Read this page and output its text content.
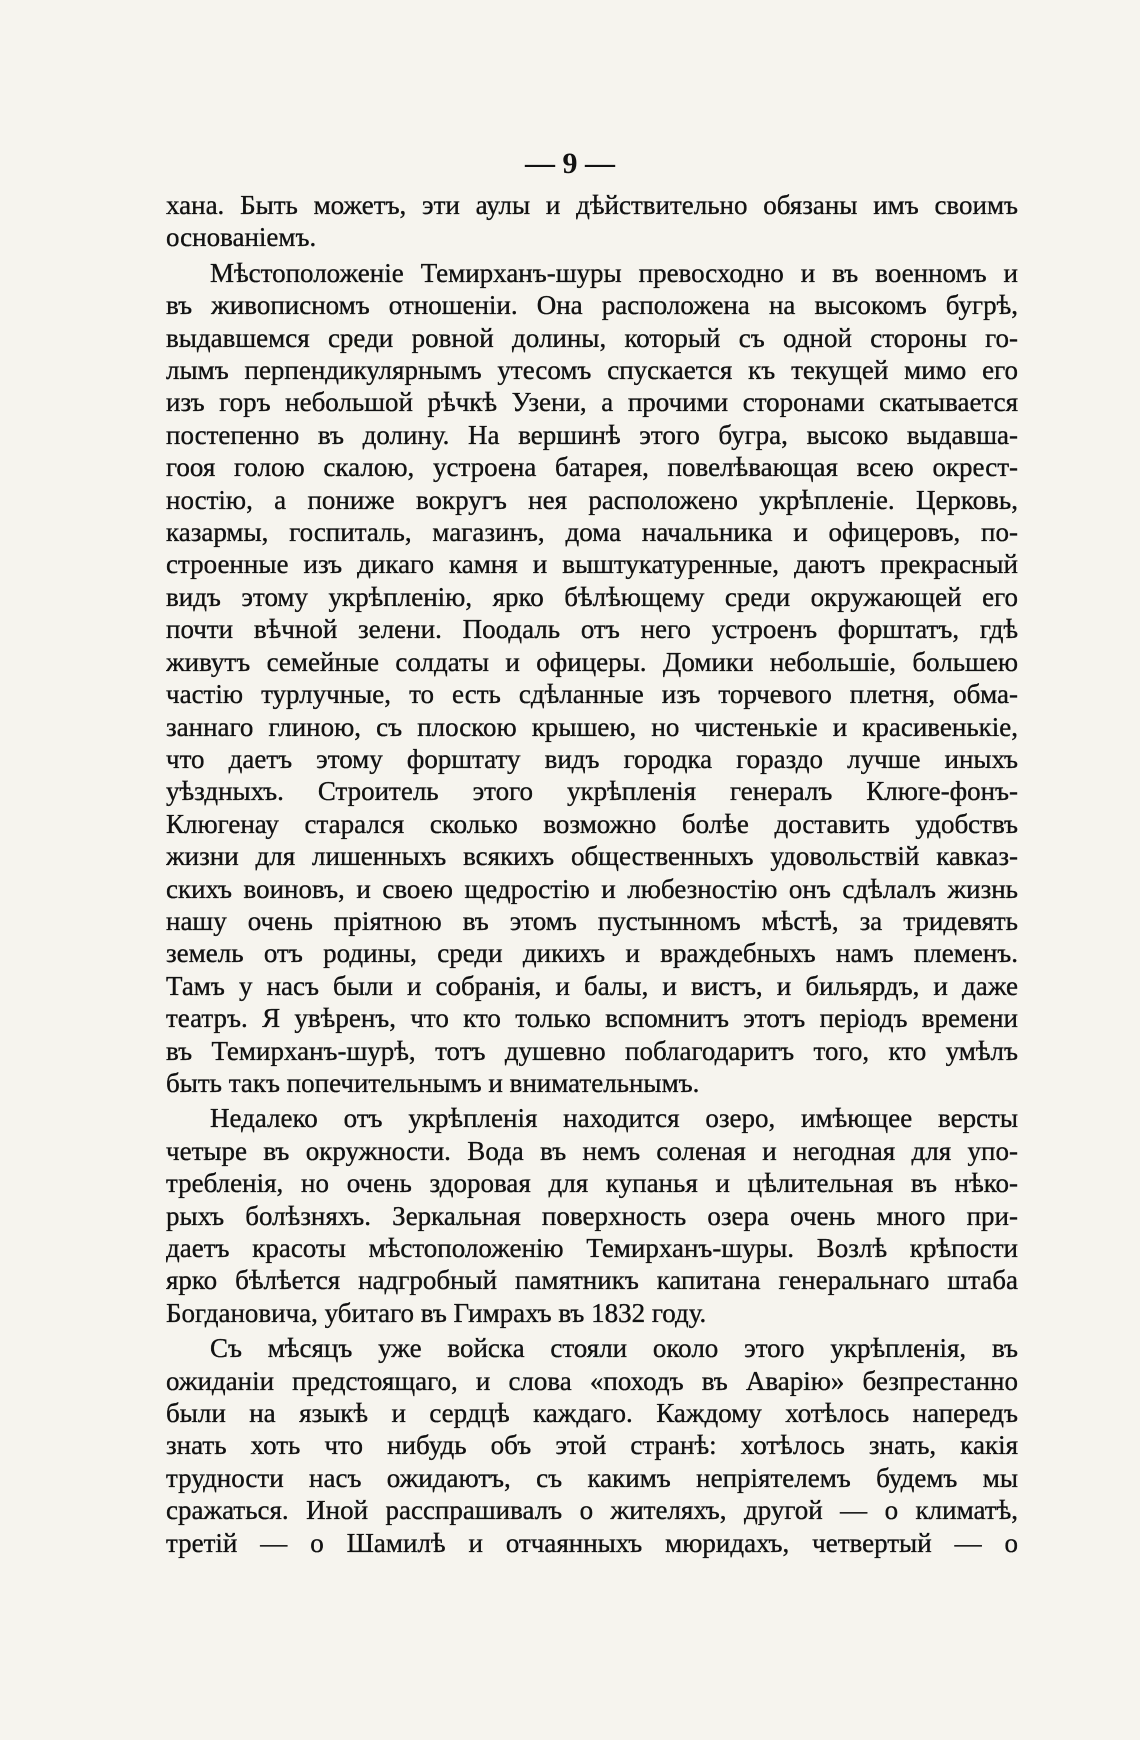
— 9 —
хана. Быть можетъ, эти аулы и дѣйствительно обязаны имъ своимъ
основаніемъ.
Мѣстоположеніе Темирханъ-шуры превосходно и въ военномъ и
въ живописномъ отношеніи. Она расположена на высокомъ бугрѣ,
выдавшемся среди ровной долины, который съ одной стороны го-
лымъ перпендикулярнымъ утесомъ спускается къ текущей мимо его
изъ горъ небольшой рѣчкѣ Узени, а прочими сторонами скатывается
постепенно въ долину. На вершинѣ этого бугра, высоко выдавша-
гооя голою скалою, устроена батарея, повелѣвающая всею окрест-
ностію, а пониже вокругъ нея расположено укрѣпленіе. Церковь,
казармы, госпиталь, магазинъ, дома начальника и офицеровъ, по-
строенные изъ дикаго камня и выштукатуренные, даютъ прекрасный
видъ этому укрѣпленію, ярко бѣлѣющему среди окружающей его
почти вѣчной зелени. Поодаль отъ него устроенъ форштатъ, гдѣ
живутъ семейные солдаты и офицеры. Домики небольшіе, большею
частію турлучные, то есть сдѣланные изъ торчевого плетня, обма-
заннаго глиною, съ плоскою крышею, но чистенькіе и красивенькіе,
что даетъ этому форштату видъ городка гораздо лучше иныхъ
уѣздныхъ. Строитель этого укрѣпленія генералъ Клюге-фонъ-
Клюгенау старался сколько возможно болѣе доставить удобствъ
жизни для лишенныхъ всякихъ общественныхъ удовольствій кавказ-
скихъ воиновъ, и своею щедростію и любезностію онъ сдѣлалъ жизнь
нашу очень пріятною въ этомъ пустынномъ мѣстѣ, за тридевять
земель отъ родины, среди дикихъ и враждебныхъ намъ племенъ.
Тамъ у насъ были и собранія, и балы, и вистъ, и бильярдъ, и даже
театръ. Я увѣренъ, что кто только вспомнитъ этотъ періодъ времени
въ Темирханъ-шурѣ, тотъ душевно поблагодаритъ того, кто умѣлъ
быть такъ попечительнымъ и внимательнымъ.
Недалеко отъ укрѣпленія находится озеро, имѣющее версты
четыре въ окружности. Вода въ немъ соленая и негодная для упо-
требленія, но очень здоровая для купанья и цѣлительная въ нѣко-
рыхъ болѣзняхъ. Зеркальная поверхность озера очень много при-
даетъ красоты мѣстоположенію Темирханъ-шуры. Возлѣ крѣпости
ярко бѣлѣется надгробный памятникъ капитана генеральнаго штаба
Богдановича, убитаго въ Гимрахъ въ 1832 году.
Съ мѣсяцъ уже войска стояли около этого укрѣпленія, въ
ожиданіи предстоящаго, и слова «походъ въ Аварію» безпрестанно
были на языкѣ и сердцѣ каждаго. Каждому хотѣлось напередъ
знать хоть что нибудь объ этой странѣ: хотѣлось знать, какія
трудности насъ ожидаютъ, съ какимъ непріятелемъ будемъ мы
сражаться. Иной расспрашивалъ о жителяхъ, другой — о климатѣ,
третій — о Шамилѣ и отчаянныхъ мюридахъ, четвертый — о
